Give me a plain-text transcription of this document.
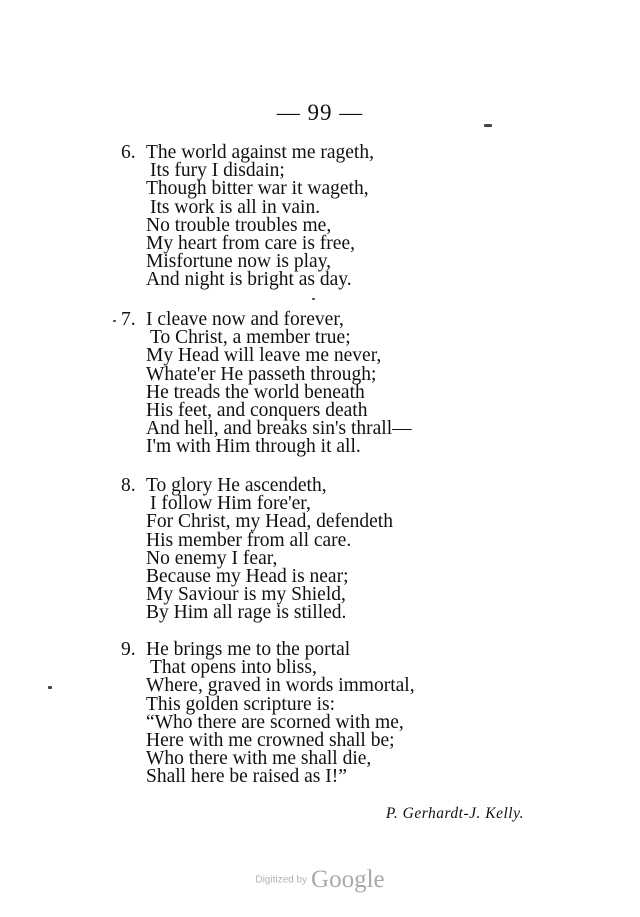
— 99 —
6. The world against me rageth,
Its fury I disdain;
Though bitter war it wageth,
Its work is all in vain.
No trouble troubles me,
My heart from care is free,
Misfortune now is play,
And night is bright as day.
7. I cleave now and forever,
To Christ, a member true;
My Head will leave me never,
Whate'er He passeth through;
He treads the world beneath
His feet, and conquers death
And hell, and breaks sin's thrall—
I'm with Him through it all.
8. To glory He ascendeth,
I follow Him fore'er,
For Christ, my Head, defendeth
His member from all care.
No enemy I fear,
Because my Head is near;
My Saviour is my Shield,
By Him all rage is stilled.
9. He brings me to the portal
That opens into bliss,
Where, graved in words immortal,
This golden scripture is:
“Who there are scorned with me,
Here with me crowned shall be;
Who there with me shall die,
Shall here be raised as I!”
P. Gerhardt-J. Kelly.
Digitized by Google
